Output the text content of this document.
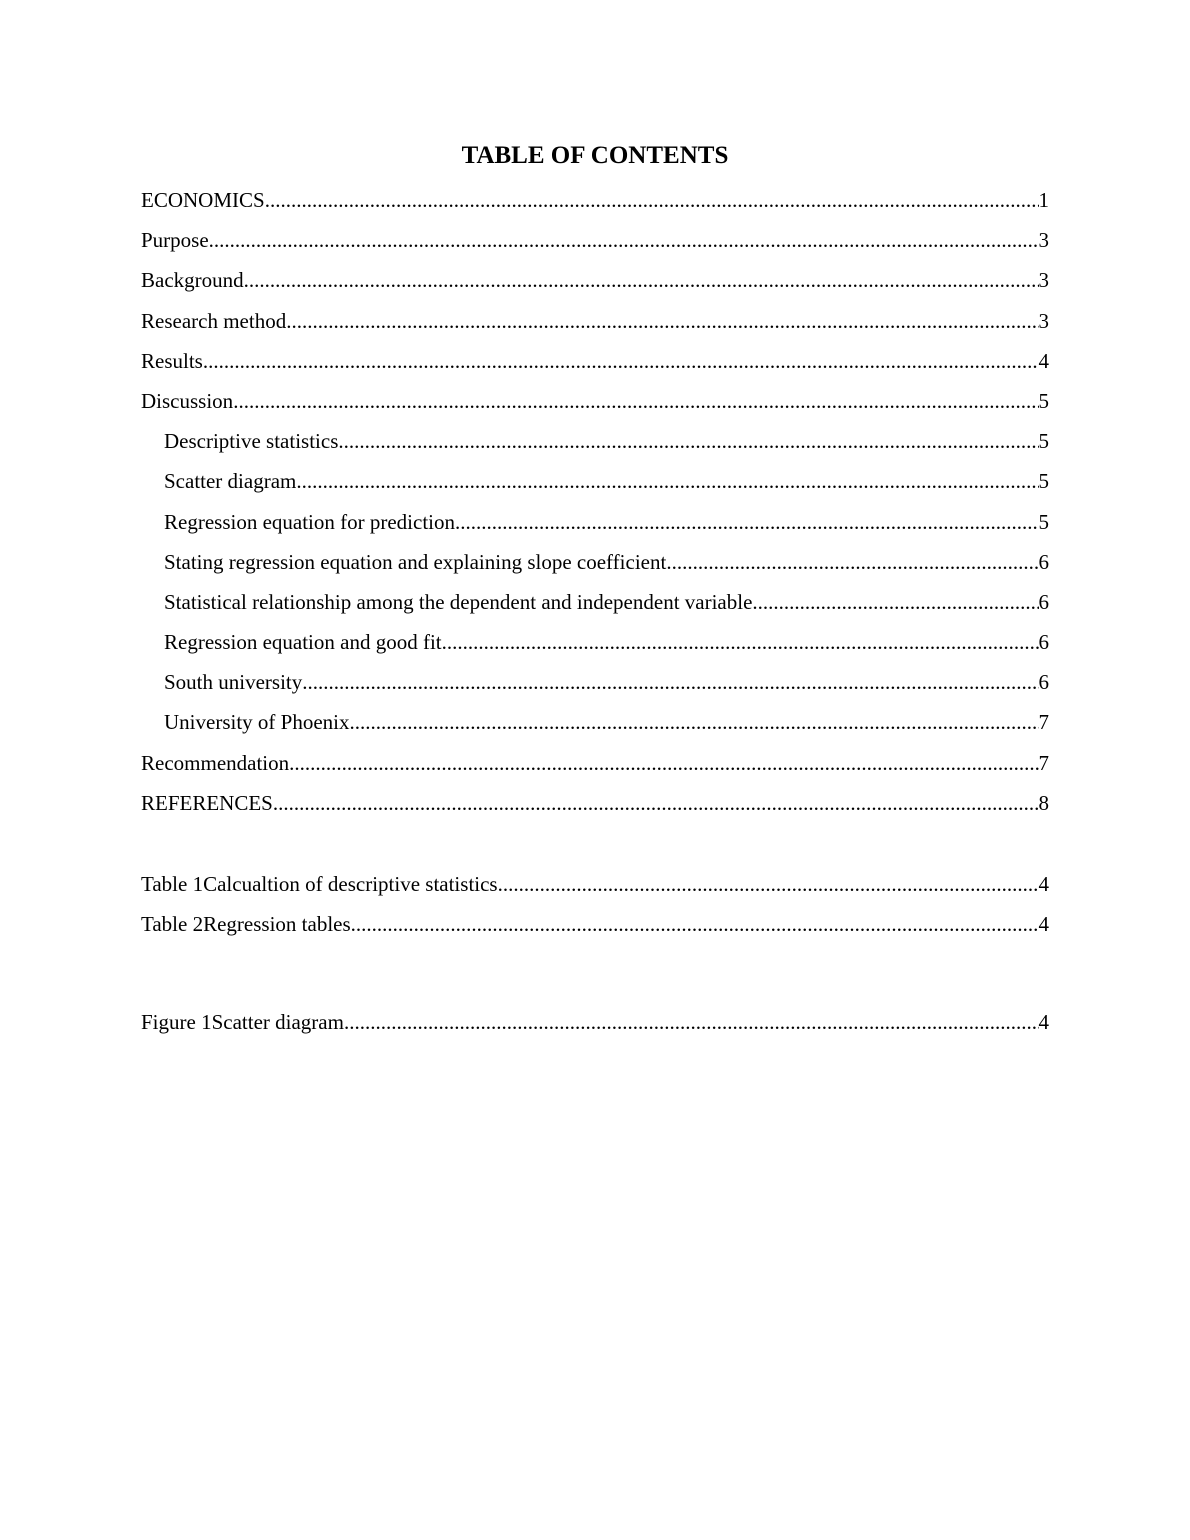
TABLE OF CONTENTS
ECONOMICS .....	1
Purpose .....	3
Background .....	3
Research method .....	3
Results .....	4
Discussion .....	5
Descriptive statistics .....	5
Scatter diagram .....	5
Regression equation for prediction .....	5
Stating regression equation and explaining slope coefficient .....	6
Statistical relationship among the dependent and independent variable .....	6
Regression equation and good fit .....	6
South university .....	6
University of Phoenix .....	7
Recommendation .....	7
REFERENCES .....	8
Table 1Calcualtion of descriptive statistics .....	4
Table 2Regression tables .....	4
Figure 1Scatter diagram .....	4
